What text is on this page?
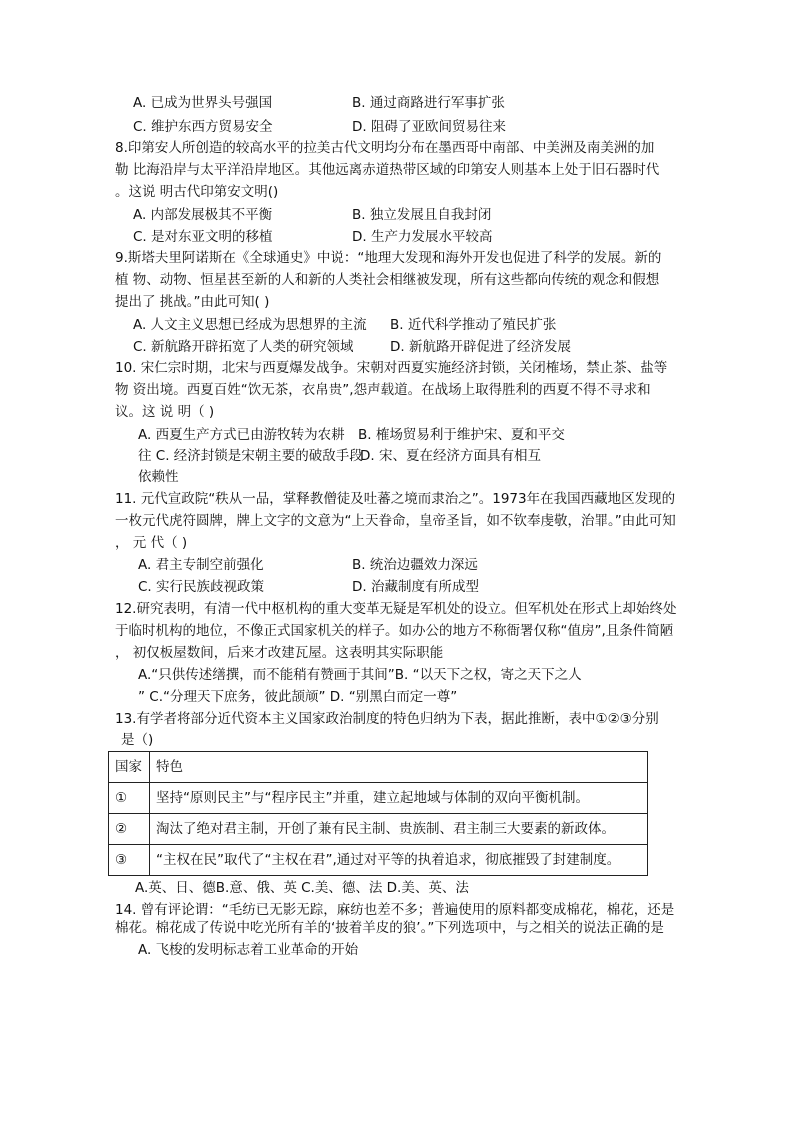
A. 已成为世界头号强国	B. 通过商路进行军事扩张
C. 维护东西方贸易安全	D. 阻碍了亚欧间贸易往来
8.印第安人所创造的较高水平的拉美古代文明均分布在墨西哥中南部、中美洲及南美洲的加
勒 比海沿岸与太平洋沿岸地区。其他远离赤道热带区域的印第安人则基本上处于旧石器时代
。这说 明古代印第安文明()
A. 内部发展极其不平衡	B. 独立发展且自我封闭
C. 是对东亚文明的移植	D. 生产力发展水平较高
9.斯塔夫里阿诺斯在《全球通史》中说：“地理大发现和海外开发也促进了科学的发展。新的
植 物、动物、恒星甚至新的人和新的人类社会相继被发现，所有这些都向传统的观念和假想
提出了 挑战。”由此可知( )
A. 人文主义思想已经成为思想界的主流 B. 近代科学推动了殖民扩张
C. 新航路开辟拓宽了人类的研究领域	D. 新航路开辟促进了经济发展
10. 宋仁宗时期，北宋与西夏爆发战争。宋朝对西夏实施经济封锁，关闭榷场，禁止茶、盐等
物 资出境。西夏百姓“饮无茶，衣帛贵”,怨声载道。在战场上取得胜利的西夏不得不寻求和
议。这 说 明（ )
A. 西夏生产方式已由游牧转为农耕 B. 榷场贸易利于维护宋、夏和平交
往 C. 经济封锁是宋朝主要的破敌手段
D. 宋、夏在经济方面具有相互
依赖性
11. 元代宣政院“秩从一品，掌释教僧徒及吐蕃之境而隶治之”。1973年在我国西藏地区发现的
一枚元代虎符圆牌，牌上文字的文意为“上天眷命，皇帝圣旨，如不钦奉虔敬，治罪。”由此可知
， 元 代（ )
A. 君主专制空前强化	B. 统治边疆效力深远
C. 实行民族歧视政策	D. 治藏制度有所成型
12.研究表明，有清一代中枢机构的重大变革无疑是军机处的设立。但军机处在形式上却始终处
于临时机构的地位，不像正式国家机关的样子。如办公的地方不称衙署仅称“值房”,且条件简陋
， 初仅板屋数间，后来才改建瓦屋。这表明其实际职能
A.“只供传述缮撰，而不能稍有赞画于其间”B. “以天下之权，寄之天下之人
” C.“分理天下庶务，彼此颉颃” D. “别黑白而定一尊”
13.有学者将部分近代资本主义国家政治制度的特色归纳为下表，据此推断，表中①②③分别
是（)
国家	特色
①	坚持“原则民主”与“程序民主”并重，建立起地域与体制的双向平衡机制。
②	淘汰了绝对君主制，开创了兼有民主制、贵族制、君主制三大要素的新政体。
③	“主权在民”取代了“主权在君”,通过对平等的执着追求，彻底摧毁了封建制度。
A.英、日、德B.意、俄、英 C.美、德、法 D.美、英、法
14. 曾有评论谓：“毛纺已无影无踪，麻纺也差不多；普遍使用的原料都变成棉花，棉花，还是
棉花。棉花成了传说中吃光所有羊的‘披着羊皮的狼’。”下列选项中，与之相关的说法正确的是
A. 飞梭的发明标志着工业革命的开始
